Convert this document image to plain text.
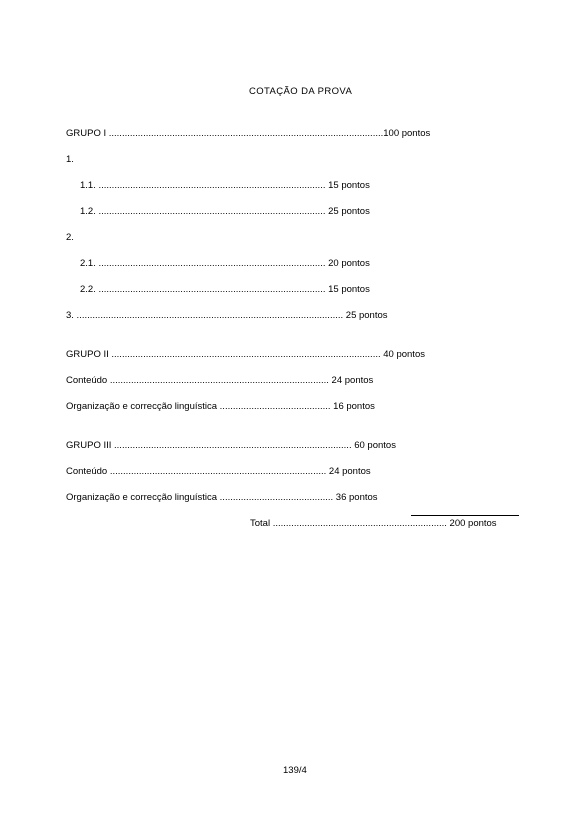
COTAÇÃO DA PROVA
GRUPO I ........................................................................................................100 pontos
1.
1.1. ...................................................................................... 15 pontos
1.2. ...................................................................................... 25 pontos
2.
2.1. ...................................................................................... 20 pontos
2.2. ...................................................................................... 15 pontos
3. ..................................................................................................... 25 pontos
GRUPO II ...................................................................................................... 40 pontos
Conteúdo ................................................................................... 24 pontos
Organização e correcção linguística .......................................... 16 pontos
GRUPO III .......................................................................................... 60 pontos
Conteúdo .................................................................................. 24 pontos
Organização e correcção linguística ........................................... 36 pontos
Total .................................................................. 200 pontos
139/4
